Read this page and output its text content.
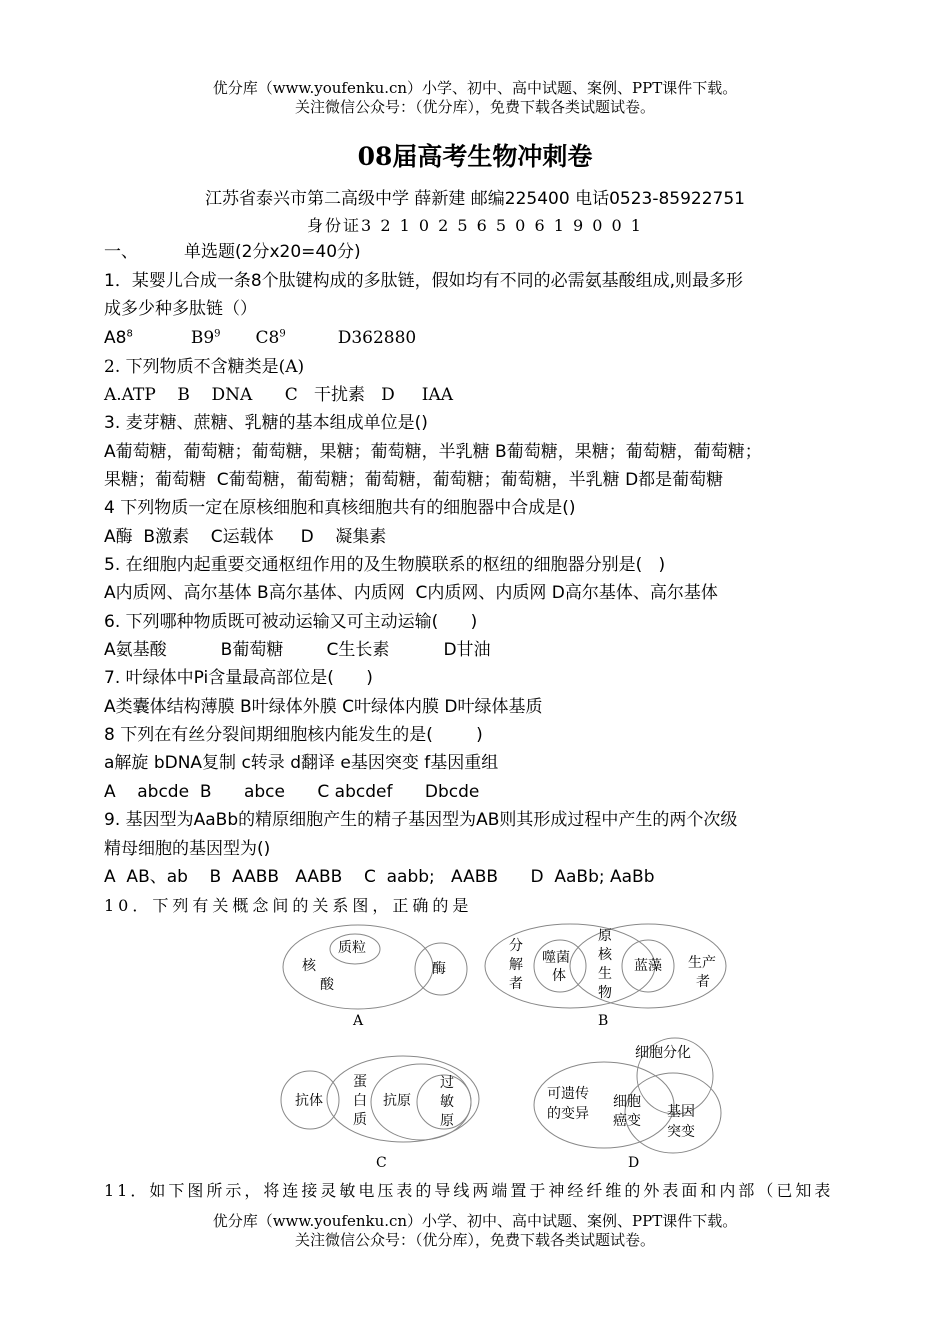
优分库（www.youfenku.cn）小学、初中、高中试题、案例、PPT课件下载。
关注微信公众号：（优分库），免费下载各类试题试卷。
08届高考生物冲刺卷
江苏省泰兴市第二高级中学 薛新建 邮编225400 电话0523-85922751
身份证3 2 1 0 2 5 6 5 0 6 1 9 0 0 1
一、	单选题(2分x20=40分)
1．某婴儿合成一条8个肽键构成的多肽链，假如均有不同的必需氨基酸组成,则最多形
成多少种多肽链（）
$A8^8$	$B9^9$ $C8^9$	D362880
2. 下列物质不含糖类是(A)
A.ATP    B    DNA      C   干扰素   D     IAA
3. 麦芽糖、蔗糖、乳糖的基本组成单位是()
A葡萄糖，葡萄糖；葡萄糖，果糖；葡萄糖，半乳糖 B葡萄糖，果糖；葡萄糖，葡萄糖；
果糖；葡萄糖  C葡萄糖，葡萄糖；葡萄糖，葡萄糖；葡萄糖，半乳糖 D都是葡萄糖
4 下列物质一定在原核细胞和真核细胞共有的细胞器中合成是()
A酶  B激素    C运载体     D    凝集素
5. 在细胞内起重要交通枢纽作用的及生物膜联系的枢纽的细胞器分别是(   )
A内质网、高尔基体 B高尔基体、内质网  C内质网、内质网 D高尔基体、高尔基体
6. 下列哪种物质既可被动运输又可主动运输(      )
A氨基酸          B葡萄糖        C生长素          D甘油
7. 叶绿体中Pi含量最高部位是(      )
A类囊体结构薄膜 B叶绿体外膜 C叶绿体内膜 D叶绿体基质
8 下列在有丝分裂间期细胞核内能发生的是(        )
a解旋 bDNA复制 c转录 d翻译 e基因突变 f基因重组
A    abcde  B      abce      C abcdef      Dbcde
9. 基因型为AaBb的精原细胞产生的精子基因型为AB则其形成过程中产生的两个次级
精母细胞的基因型为()
A  AB、ab    B  AABB   AABB    C  aabb;   AABB      D  AaBb; AaBb
10．下列有关概念间的关系图，正确的是
质粒
核
酸
酶
A
分
解
者
噬菌
体
原
核
生
物
蓝藻 生产
者
B
抗体
蛋
白
质
抗原
过
敏
原
C
细胞分化
可遗传
的变异
细胞
癌变
基因
突变
D
11．如下图所示，将连接灵敏电压表的导线两端置于神经纤维的外表面和内部（已知表
优分库（www.youfenku.cn）小学、初中、高中试题、案例、PPT课件下载。
关注微信公众号：（优分库），免费下载各类试题试卷。
